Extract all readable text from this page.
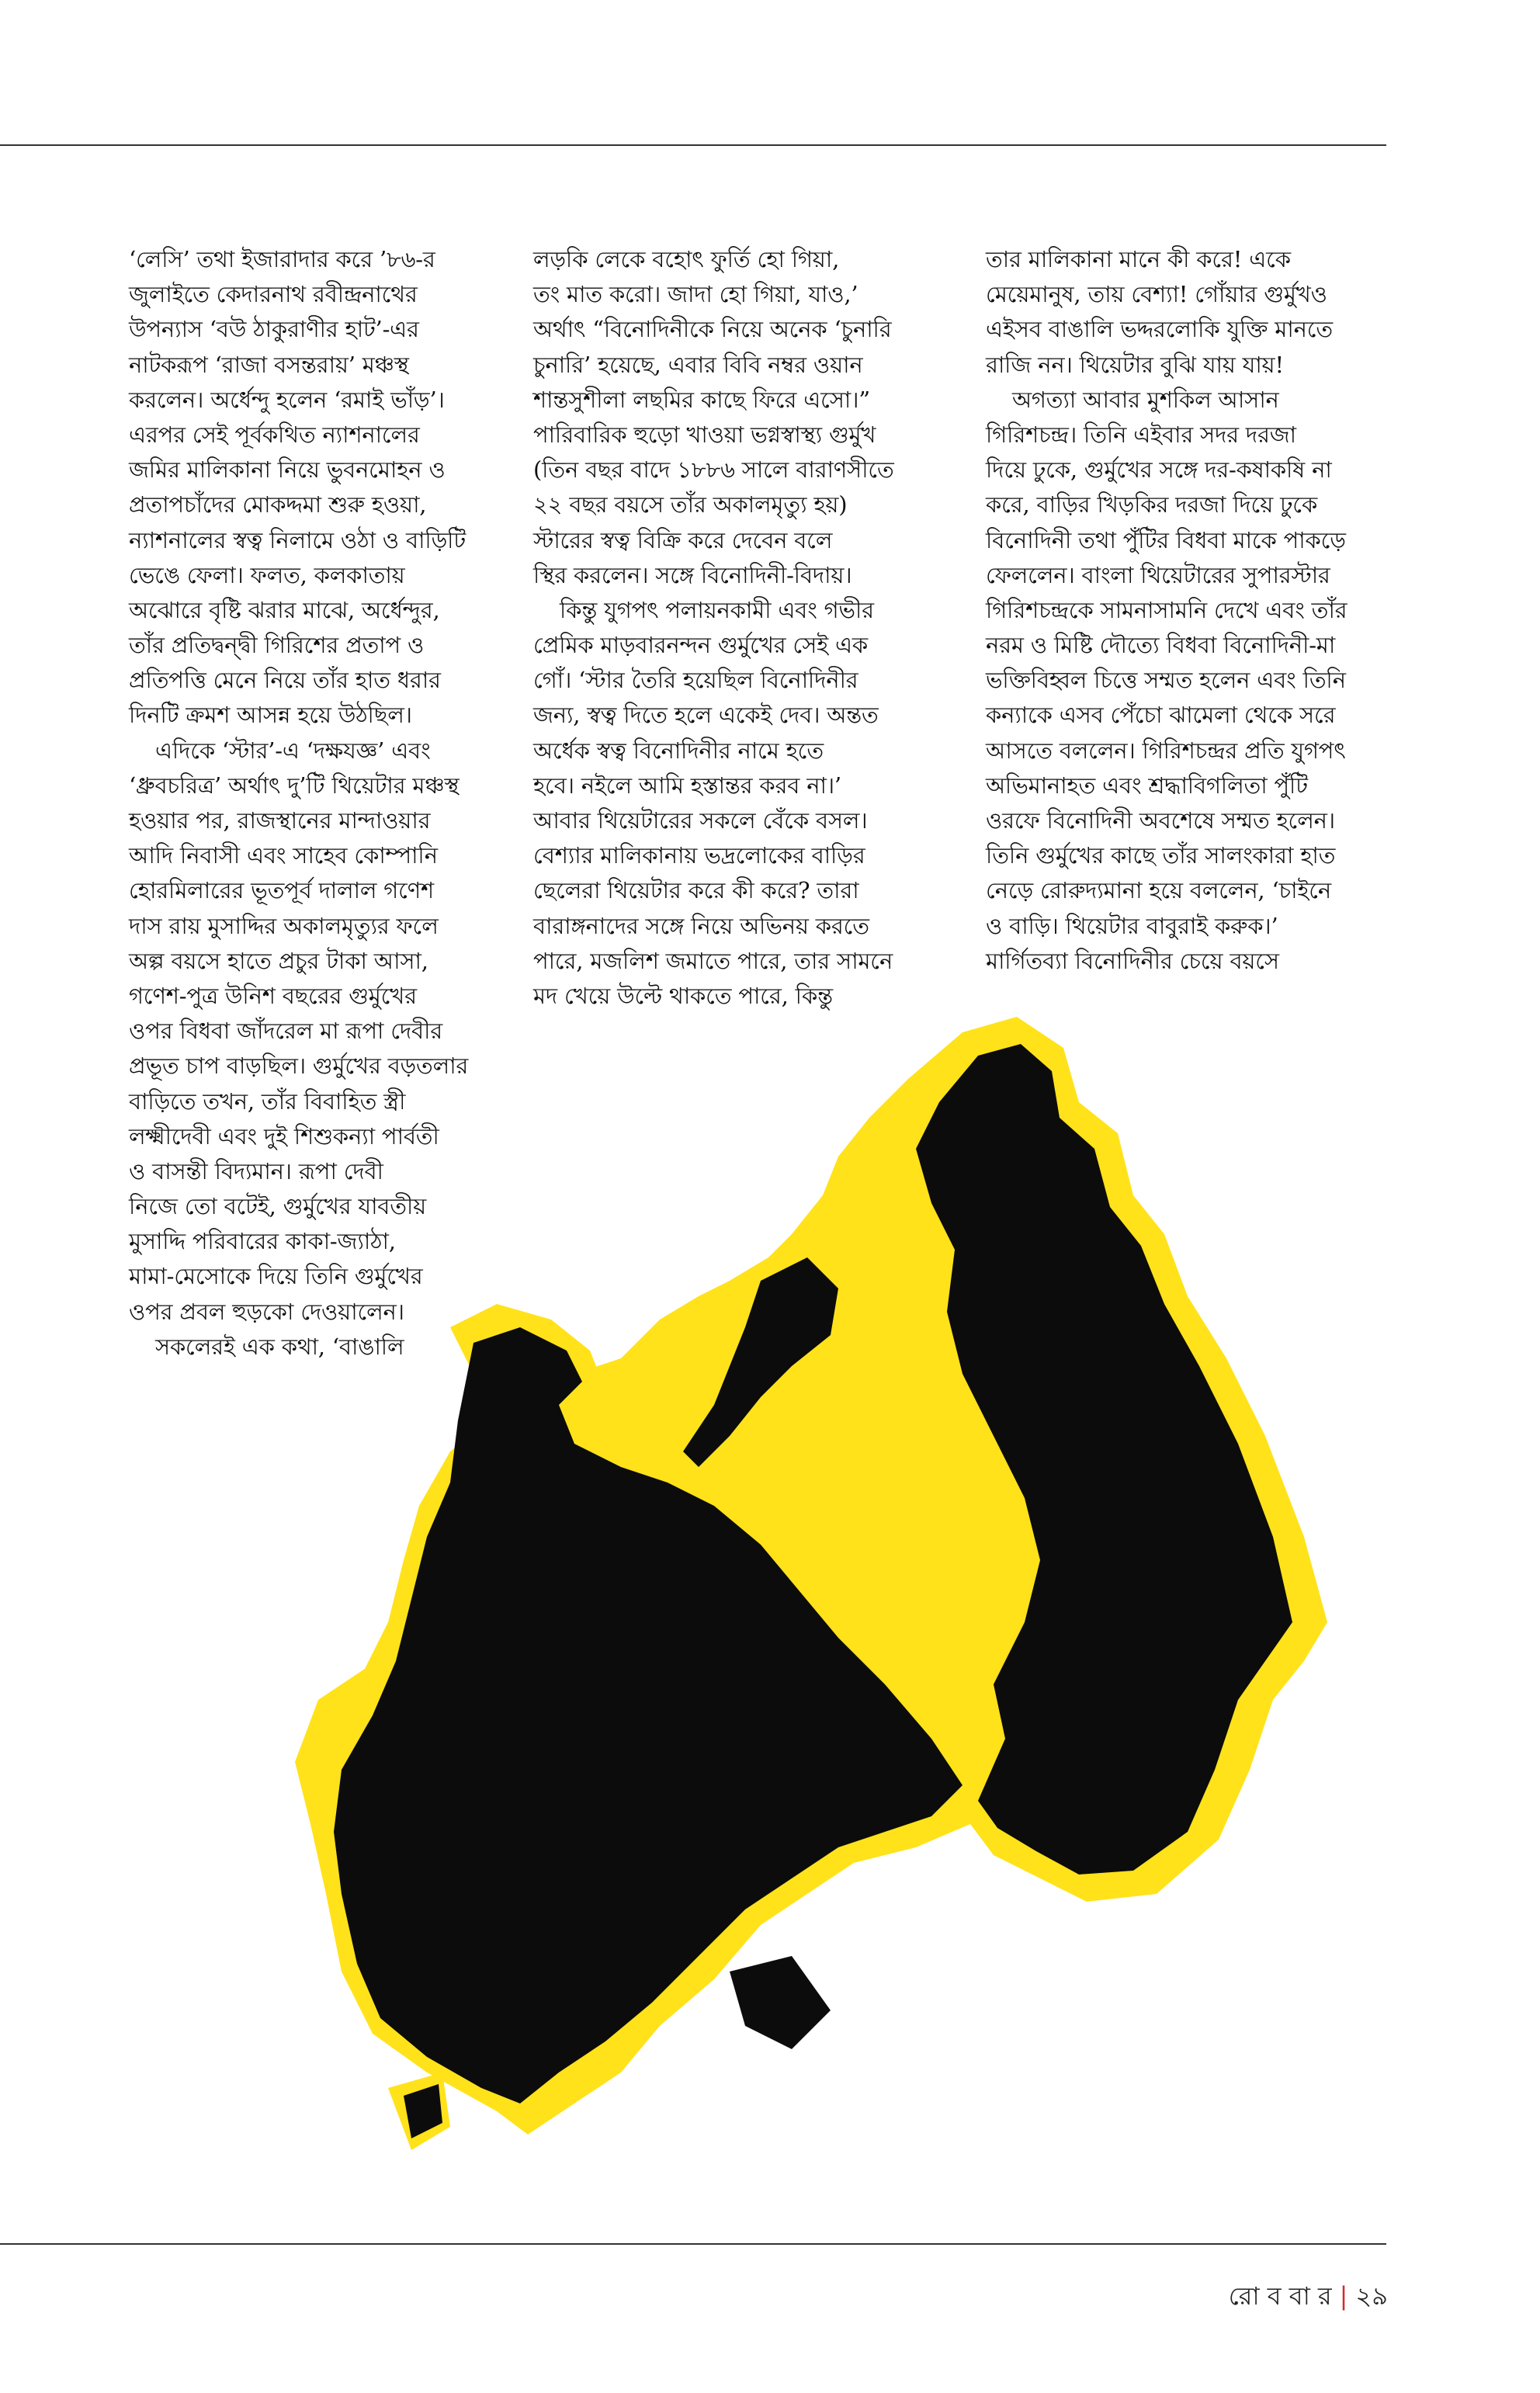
‘লেসি’ তথা ইজারাদার করে ’৮৬-র
জুলাইতে কেদারনাথ রবীন্দ্রনাথের
উপন্যাস ‘বউ ঠাকুরাণীর হাট’-এর
নাটকরূপ ‘রাজা বসন্তরায়’ মঞ্চস্থ
করলেন। অর্ধেন্দু হলেন ‘রমাই ভাঁড়’।
এরপর সেই পূর্বকথিত ন্যাশনালের
জমির মালিকানা নিয়ে ভুবনমোহন ও
প্রতাপচাঁদের মোকদ্দমা শুরু হওয়া,
ন্যাশনালের স্বত্ব নিলামে ওঠা ও বাড়িটি
ভেঙে ফেলা। ফলত, কলকাতায়
অঝোরে বৃষ্টি ঝরার মাঝে, অর্ধেন্দুর,
তাঁর প্রতিদ্বন্দ্বী গিরিশের প্রতাপ ও
প্রতিপত্তি মেনে নিয়ে তাঁর হাত ধরার
দিনটি ক্রমশ আসন্ন হয়ে উঠছিল।
এদিকে ‘স্টার’-এ ‘দক্ষযজ্ঞ’ এবং
‘ধ্রুবচরিত্র’ অর্থাৎ দু’টি থিয়েটার মঞ্চস্থ
হওয়ার পর, রাজস্থানের মান্দাওয়ার
আদি নিবাসী এবং সাহেব কোম্পানি
হোরমিলারের ভূতপূর্ব দালাল গণেশ
দাস রায় মুসাদ্দির অকালমৃত্যুর ফলে
অল্প বয়সে হাতে প্রচুর টাকা আসা,
গণেশ-পুত্র উনিশ বছরের গুর্মুখের
ওপর বিধবা জাঁদরেল মা রূপা দেবীর
প্রভূত চাপ বাড়ছিল। গুর্মুখের বড়তলার
বাড়িতে তখন, তাঁর বিবাহিত স্ত্রী
লক্ষ্মীদেবী এবং দুই শিশুকন্যা পার্বতী
ও বাসন্তী বিদ্যমান। রূপা দেবী
নিজে তো বটেই, গুর্মুখের যাবতীয়
মুসাদ্দি পরিবারের কাকা-জ্যাঠা,
মামা-মেসোকে দিয়ে তিনি গুর্মুখের
ওপর প্রবল হুড়কো দেওয়ালেন।
সকলেরই এক কথা, ‘বাঙালি
লড়কি লেকে বহোৎ ফুর্তি হো গিয়া,
তং মাত করো। জাদা হো গিয়া, যাও,’
অর্থাৎ “বিনোদিনীকে নিয়ে অনেক ‘চুনারি
চুনারি’ হয়েছে, এবার বিবি নম্বর ওয়ান
শান্তসুশীলা লছমির কাছে ফিরে এসো।”
পারিবারিক হুড়ো খাওয়া ভগ্নস্বাস্থ্য গুর্মুখ
(তিন বছর বাদে ১৮৮৬ সালে বারাণসীতে
২২ বছর বয়সে তাঁর অকালমৃত্যু হয়)
স্টারের স্বত্ব বিক্রি করে দেবেন বলে
স্থির করলেন। সঙ্গে বিনোদিনী-বিদায়।
কিন্তু যুগপৎ পলায়নকামী এবং গভীর
প্রেমিক মাড়বারনন্দন গুর্মুখের সেই এক
গোঁ। ‘স্টার তৈরি হয়েছিল বিনোদিনীর
জন্য, স্বত্ব দিতে হলে একেই দেব। অন্তত
অর্ধেক স্বত্ব বিনোদিনীর নামে হতে
হবে। নইলে আমি হস্তান্তর করব না।’
আবার থিয়েটারের সকলে বেঁকে বসল।
বেশ্যার মালিকানায় ভদ্রলোকের বাড়ির
ছেলেরা থিয়েটার করে কী করে? তারা
বারাঙ্গনাদের সঙ্গে নিয়ে অভিনয় করতে
পারে, মজলিশ জমাতে পারে, তার সামনে
মদ খেয়ে উল্টে থাকতে পারে, কিন্তু
তার মালিকানা মানে কী করে! একে
মেয়েমানুষ, তায় বেশ্যা! গোঁয়ার গুর্মুখও
এইসব বাঙালি ভদ্দরলোকি যুক্তি মানতে
রাজি নন। থিয়েটার বুঝি যায় যায়!
অগত্যা আবার মুশকিল আসান
গিরিশচন্দ্র। তিনি এইবার সদর দরজা
দিয়ে ঢুকে, গুর্মুখের সঙ্গে দর-কষাকষি না
করে, বাড়ির খিড়কির দরজা দিয়ে ঢুকে
বিনোদিনী তথা পুঁটির বিধবা মাকে পাকড়ে
ফেললেন। বাংলা থিয়েটারের সুপারস্টার
গিরিশচন্দ্রকে সামনাসামনি দেখে এবং তাঁর
নরম ও মিষ্টি দৌত্যে বিধবা বিনোদিনী-মা
ভক্তিবিহ্বল চিত্তে সম্মত হলেন এবং তিনি
কন্যাকে এসব পেঁচো ঝামেলা থেকে সরে
আসতে বললেন। গিরিশচন্দ্রর প্রতি যুগপৎ
অভিমানাহত এবং শ্রদ্ধাবিগলিতা পুঁটি
ওরফে বিনোদিনী অবশেষে সম্মত হলেন।
তিনি গুর্মুখের কাছে তাঁর সালংকারা হাত
নেড়ে রোরুদ্যমানা হয়ে বললেন, ‘চাইনে
ও বাড়ি। থিয়েটার বাবুরাই করুক।’
মার্গিতব্যা বিনোদিনীর চেয়ে বয়সে
রো ব বা র | ২৯
